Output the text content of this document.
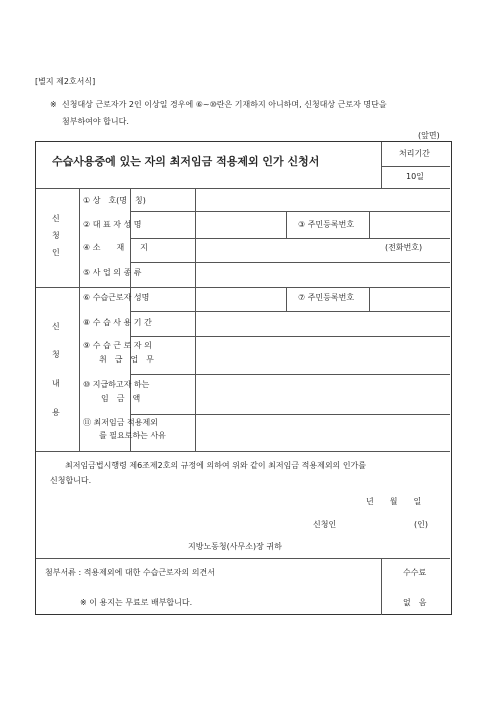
[별지 제2호서식]
※ 신청대상 근로자가 2인 이상일 경우에 ⑥~⑩란은 기재하지 아니하며, 신청대상 근로자 명단을
첨부하여야 합니다.
(앞면)
수습사용중에 있는 자의 최저임금 적용제외 인가 신청서
처리기간
10일
신
청
인
① 상　호(명　칭)
② 대 표 자 성 명	③ 주민등록번호
④ 소　　재　　지	(전화번호)
⑤ 사 업 의 종 류
신
청
내
용
⑥ 수습근로자 성명	⑦ 주민등록번호
⑧ 수 습 사 용 기 간
⑨ 수 습 근 로 자 의
취　급　업　무
⑩ 지급하고자 하는
임　금　액
⑪ 최저임금 적용제외
를 필요로하는 사유
최저임금법시행령 제6조제2호의 규정에 의하여 위와 같이 최저임금 적용제외의 인가를
신청합니다.
년　　월　　일
신청인	(인)
지방노동청(사무소)장 귀하
첨부서류 : 적용제외에 대한 수습근로자의 의견서
※ 이 용지는 무료로 배부합니다.
수수료
없　음
